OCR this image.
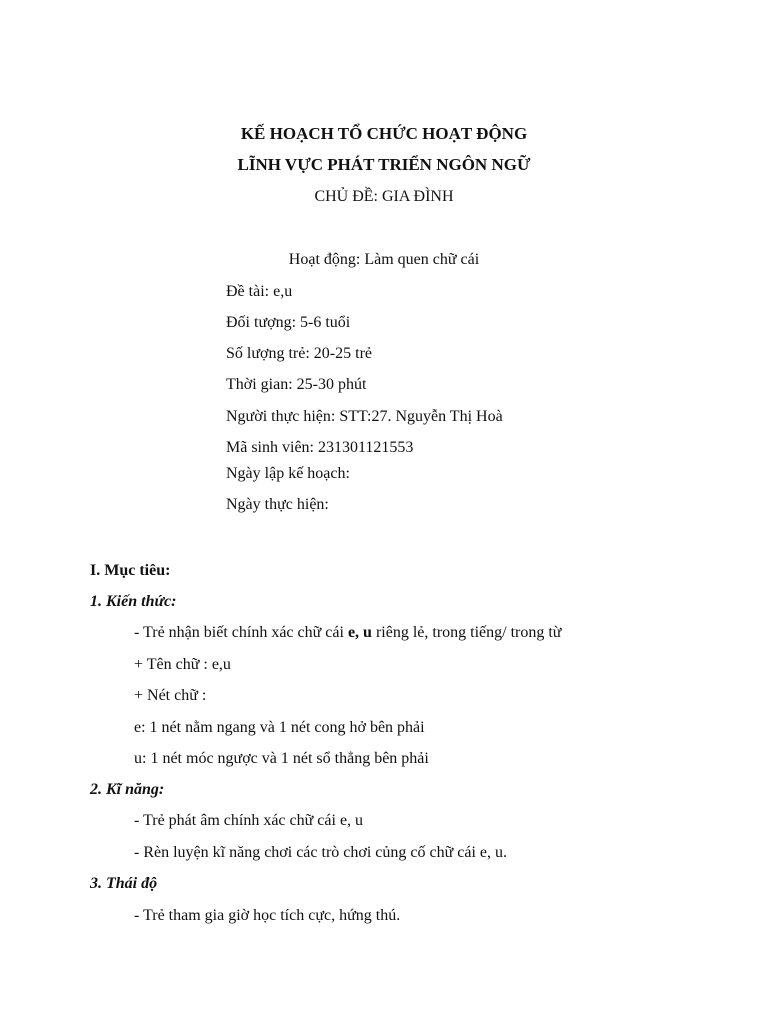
KẾ HOẠCH TỔ CHỨC HOẠT ĐỘNG
LĨNH VỰC PHÁT TRIỂN NGÔN NGỮ
CHỦ ĐỀ: GIA ĐÌNH
Hoạt động: Làm quen chữ cái
Đề tài: e,u
Đối tượng: 5-6 tuổi
Số lượng trẻ: 20-25 trẻ
Thời gian: 25-30 phút
Người thực hiện: STT:27. Nguyễn Thị Hoà
Mã sinh viên: 231301121553
Ngày lập kế hoạch:
Ngày thực hiện:
I. Mục tiêu:
1. Kiến thức:
- Trẻ nhận biết chính xác chữ cái e, u riêng lẻ, trong tiếng/ trong từ
+ Tên chữ : e,u
+ Nét chữ :
e: 1 nét nằm ngang và 1 nét cong hở bên phải
u: 1 nét móc ngược và 1 nét sổ thẳng bên phải
2. Kĩ năng:
- Trẻ phát âm chính xác chữ cái e, u
- Rèn luyện kĩ năng chơi các trò chơi củng cố chữ cái e, u.
3. Thái độ
- Trẻ tham gia giờ học tích cực, hứng thú.
